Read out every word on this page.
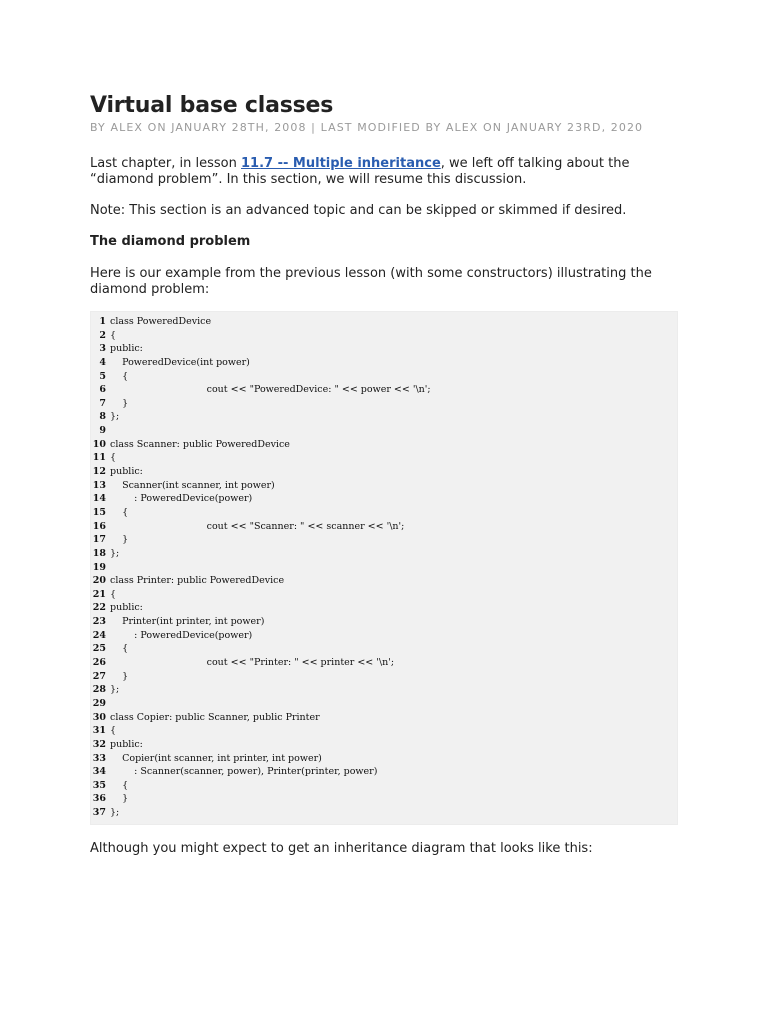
Virtual base classes
BY ALEX ON JANUARY 28TH, 2008 | LAST MODIFIED BY ALEX ON JANUARY 23RD, 2020

Last chapter, in lesson 11.7 -- Multiple inheritance, we left off talking about the “diamond problem”. In this section, we will resume this discussion.

Note: This section is an advanced topic and can be skipped or skimmed if desired.

The diamond problem

Here is our example from the previous lesson (with some constructors) illustrating the diamond problem:

1 class PoweredDevice
2 {
3 public:
4 PoweredDevice(int power)
5 {
6 cout << "PoweredDevice: " << power << '\n';
7 }
8 };
9
10 class Scanner: public PoweredDevice
11 {
12 public:
13 Scanner(int scanner, int power)
14 : PoweredDevice(power)
15 {
16 cout << "Scanner: " << scanner << '\n';
17 }
18 };
19
20 class Printer: public PoweredDevice
21 {
22 public:
23 Printer(int printer, int power)
24 : PoweredDevice(power)
25 {
26 cout << "Printer: " << printer << '\n';
27 }
28 };
29
30 class Copier: public Scanner, public Printer
31 {
32 public:
33 Copier(int scanner, int printer, int power)
34 : Scanner(scanner, power), Printer(printer, power)
35 {
36 }
37 };

Although you might expect to get an inheritance diagram that looks like this:
